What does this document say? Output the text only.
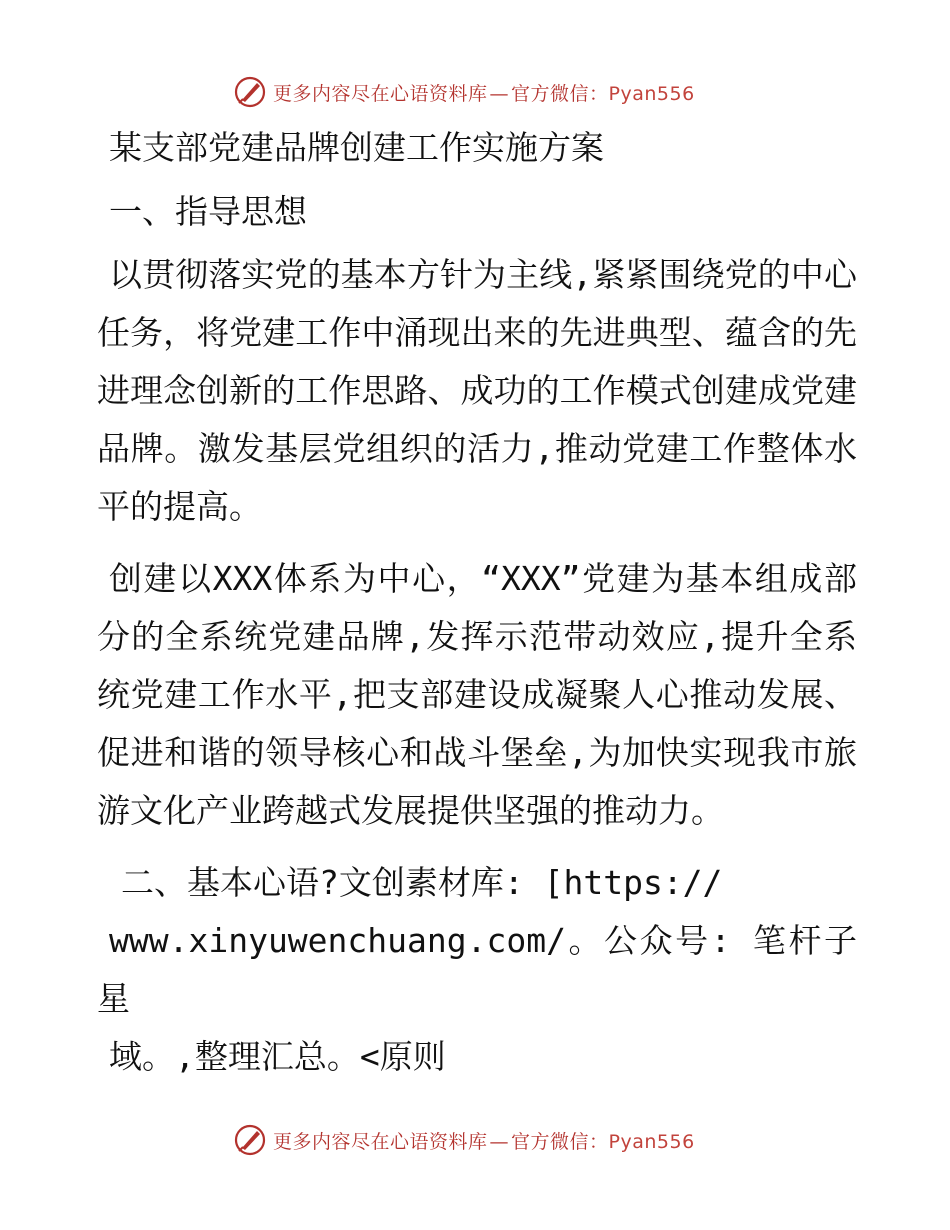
更多内容尽在心语资料库 — 官方微信：Pyan556
某支部党建品牌创建工作实施方案
一、指导思想

以贯彻落实党的基本方针为主线,紧紧围绕党的中心任务，将党建工作中涌现出来的先进典型、蕴含的先进理念创新的工作思路、成功的工作模式创建成党建品牌。激发基层党组织的活力,推动党建工作整体水平的提高。

创建以XXX体系为中心，“XXX”党建为基本组成部分的全系统党建品牌,发挥示范带动效应,提升全系统党建工作水平,把支部建设成凝聚人心推动发展、促进和谐的领导核心和战斗堡垒,为加快实现我市旅游文化产业跨越式发展提供坚强的推动力。

二、基本心语?文创素材库: [https://
www.xinyuwenchuang.com/。公众号: 笔杆子星
域。,整理汇总。<原则
更多内容尽在心语资料库 — 官方微信：Pyan556
